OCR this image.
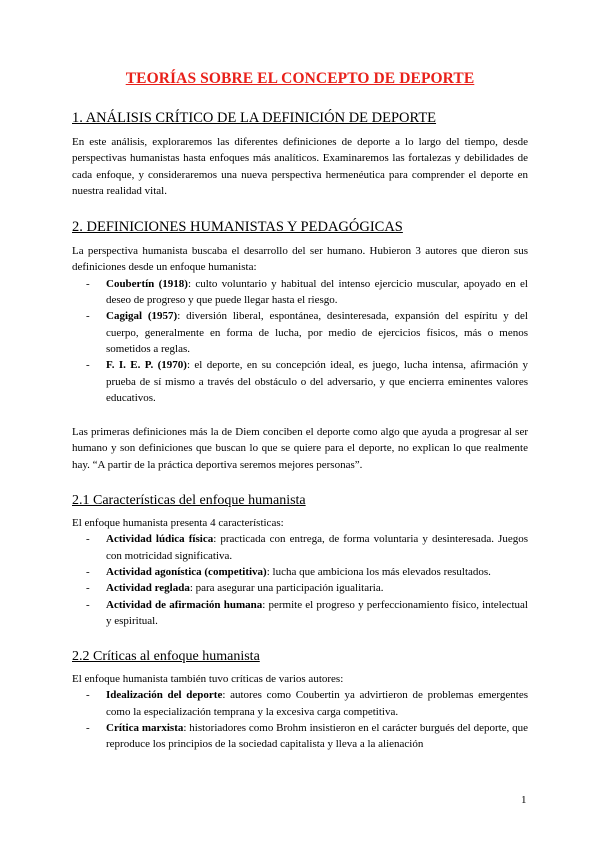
TEORÍAS SOBRE EL CONCEPTO DE DEPORTE
1. ANÁLISIS CRÍTICO DE LA DEFINICIÓN DE DEPORTE

En este análisis, exploraremos las diferentes definiciones de deporte a lo largo del tiempo, desde perspectivas humanistas hasta enfoques más analíticos. Examinaremos las fortalezas y debilidades de cada enfoque, y consideraremos una nueva perspectiva hermenéutica para comprender el deporte en nuestra realidad vital.

2. DEFINICIONES HUMANISTAS Y PEDAGÓGICAS

La perspectiva humanista buscaba el desarrollo del ser humano. Hubieron 3 autores que dieron sus definiciones desde un enfoque humanista:

- Coubertín (1918): culto voluntario y habitual del intenso ejercicio muscular, apoyado en el deseo de progreso y que puede llegar hasta el riesgo.
- Cagigal (1957): diversión liberal, espontánea, desinteresada, expansión del espíritu y del cuerpo, generalmente en forma de lucha, por medio de ejercicios físicos, más o menos sometidos a reglas.
- F. I. E. P. (1970): el deporte, en su concepción ideal, es juego, lucha intensa, afirmación y prueba de sí mismo a través del obstáculo o del adversario, y que encierra eminentes valores educativos.

Las primeras definiciones más la de Diem conciben el deporte como algo que ayuda a progresar al ser humano y son definiciones que buscan lo que se quiere para el deporte, no explican lo que realmente hay. “A partir de la práctica deportiva seremos mejores personas”.

2.1 Características del enfoque humanista

El enfoque humanista presenta 4 características:

- Actividad lúdica física: practicada con entrega, de forma voluntaria y desinteresada. Juegos con motricidad significativa.
- Actividad agonística (competitiva): lucha que ambiciona los más elevados resultados.
- Actividad reglada: para asegurar una participación igualitaria.
- Actividad de afirmación humana: permite el progreso y perfeccionamiento físico, intelectual y espiritual.
2.2 Críticas al enfoque humanista

El enfoque humanista también tuvo críticas de varios autores:

- Idealización del deporte: autores como Coubertin ya advirtieron de problemas emergentes como la especialización temprana y la excesiva carga competitiva.
- Crítica marxista: historiadores como Brohm insistieron en el carácter burgués del deporte, que reproduce los principios de la sociedad capitalista y lleva a la alienación
1
